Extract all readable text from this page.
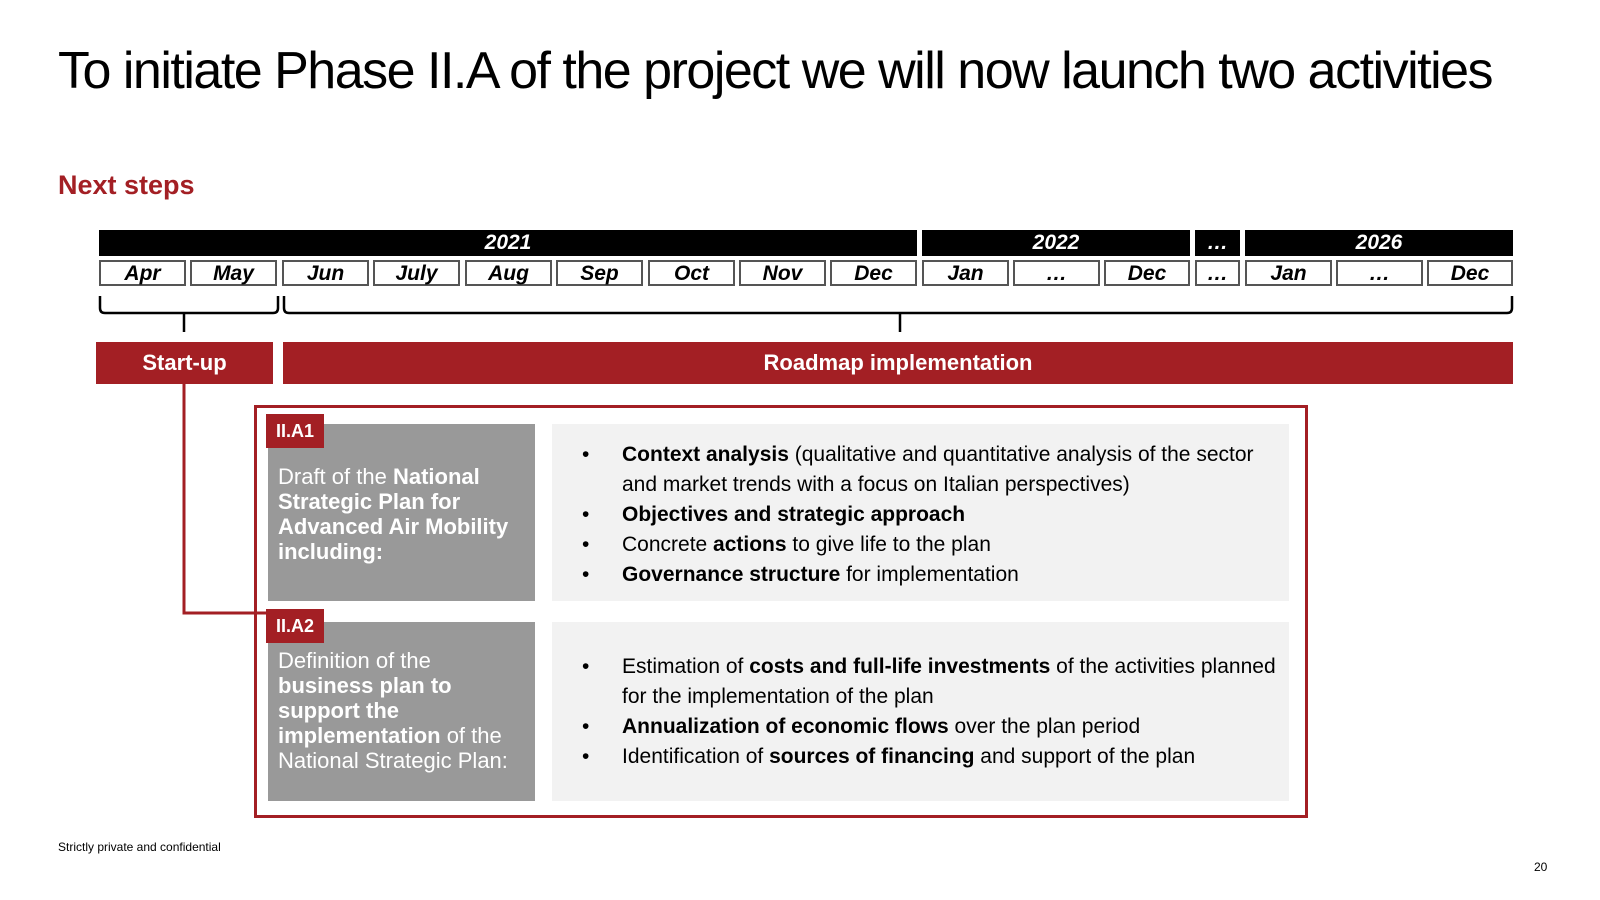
To initiate Phase II.A of the project we will now launch two activities
Next steps
2021	2022	…	2026
Apr	May	Jun	July	Aug	Sep	Oct	Nov	Dec	Jan	…	Dec	…	Jan	…	Dec
Start-up	Roadmap implementation
Draft of the National Strategic Plan for Advanced Air Mobility including:
II.A1
• Context analysis (qualitative and quantitative analysis of the sector and market trends with a focus on Italian perspectives)
• Objectives and strategic approach
• Concrete actions to give life to the plan
• Governance structure for implementation
Definition of the business plan to support the implementation of the National Strategic Plan:
II.A2
• Estimation of costs and full-life investments of the activities planned for the implementation of the plan
• Annualization of economic flows over the plan period
• Identification of sources of financing and support of the plan
Strictly private and confidential
20
